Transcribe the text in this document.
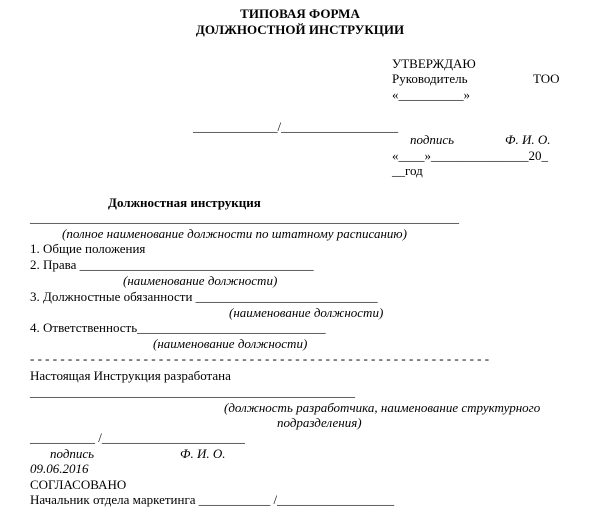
ТИПОВАЯ ФОРМА
ДОЛЖНОСТНОЙ ИНСТРУКЦИИ
УТВЕРЖДАЮ
Руководитель	ТОО
«__________»
_____________/__________________
подпись	Ф. И. О.
«____»_______________20_
__год
Должностная инструкция
__________________________________________________________________
(полное наименование должности по штатному расписанию)
1. Общие положения
2. Права ____________________________________
(наименование должности)
3. Должностные обязанности ____________________________
(наименование должности)
4. Ответственность_____________________________
(наименование должности)
- - - - - - - - - - - - - - - - - - - - - - - - - - - - - - - - - - - - - - - - - - - - - - - - - - - - - - - - - - - - -
Настоящая Инструкция разработана
__________________________________________________
(должность разработчика, наименование структурного
подразделения)
__________ /______________________
подпись	Ф. И. О.
09.06.2016
СОГЛАСОВАНО
Начальник отдела маркетинга ___________ /__________________
